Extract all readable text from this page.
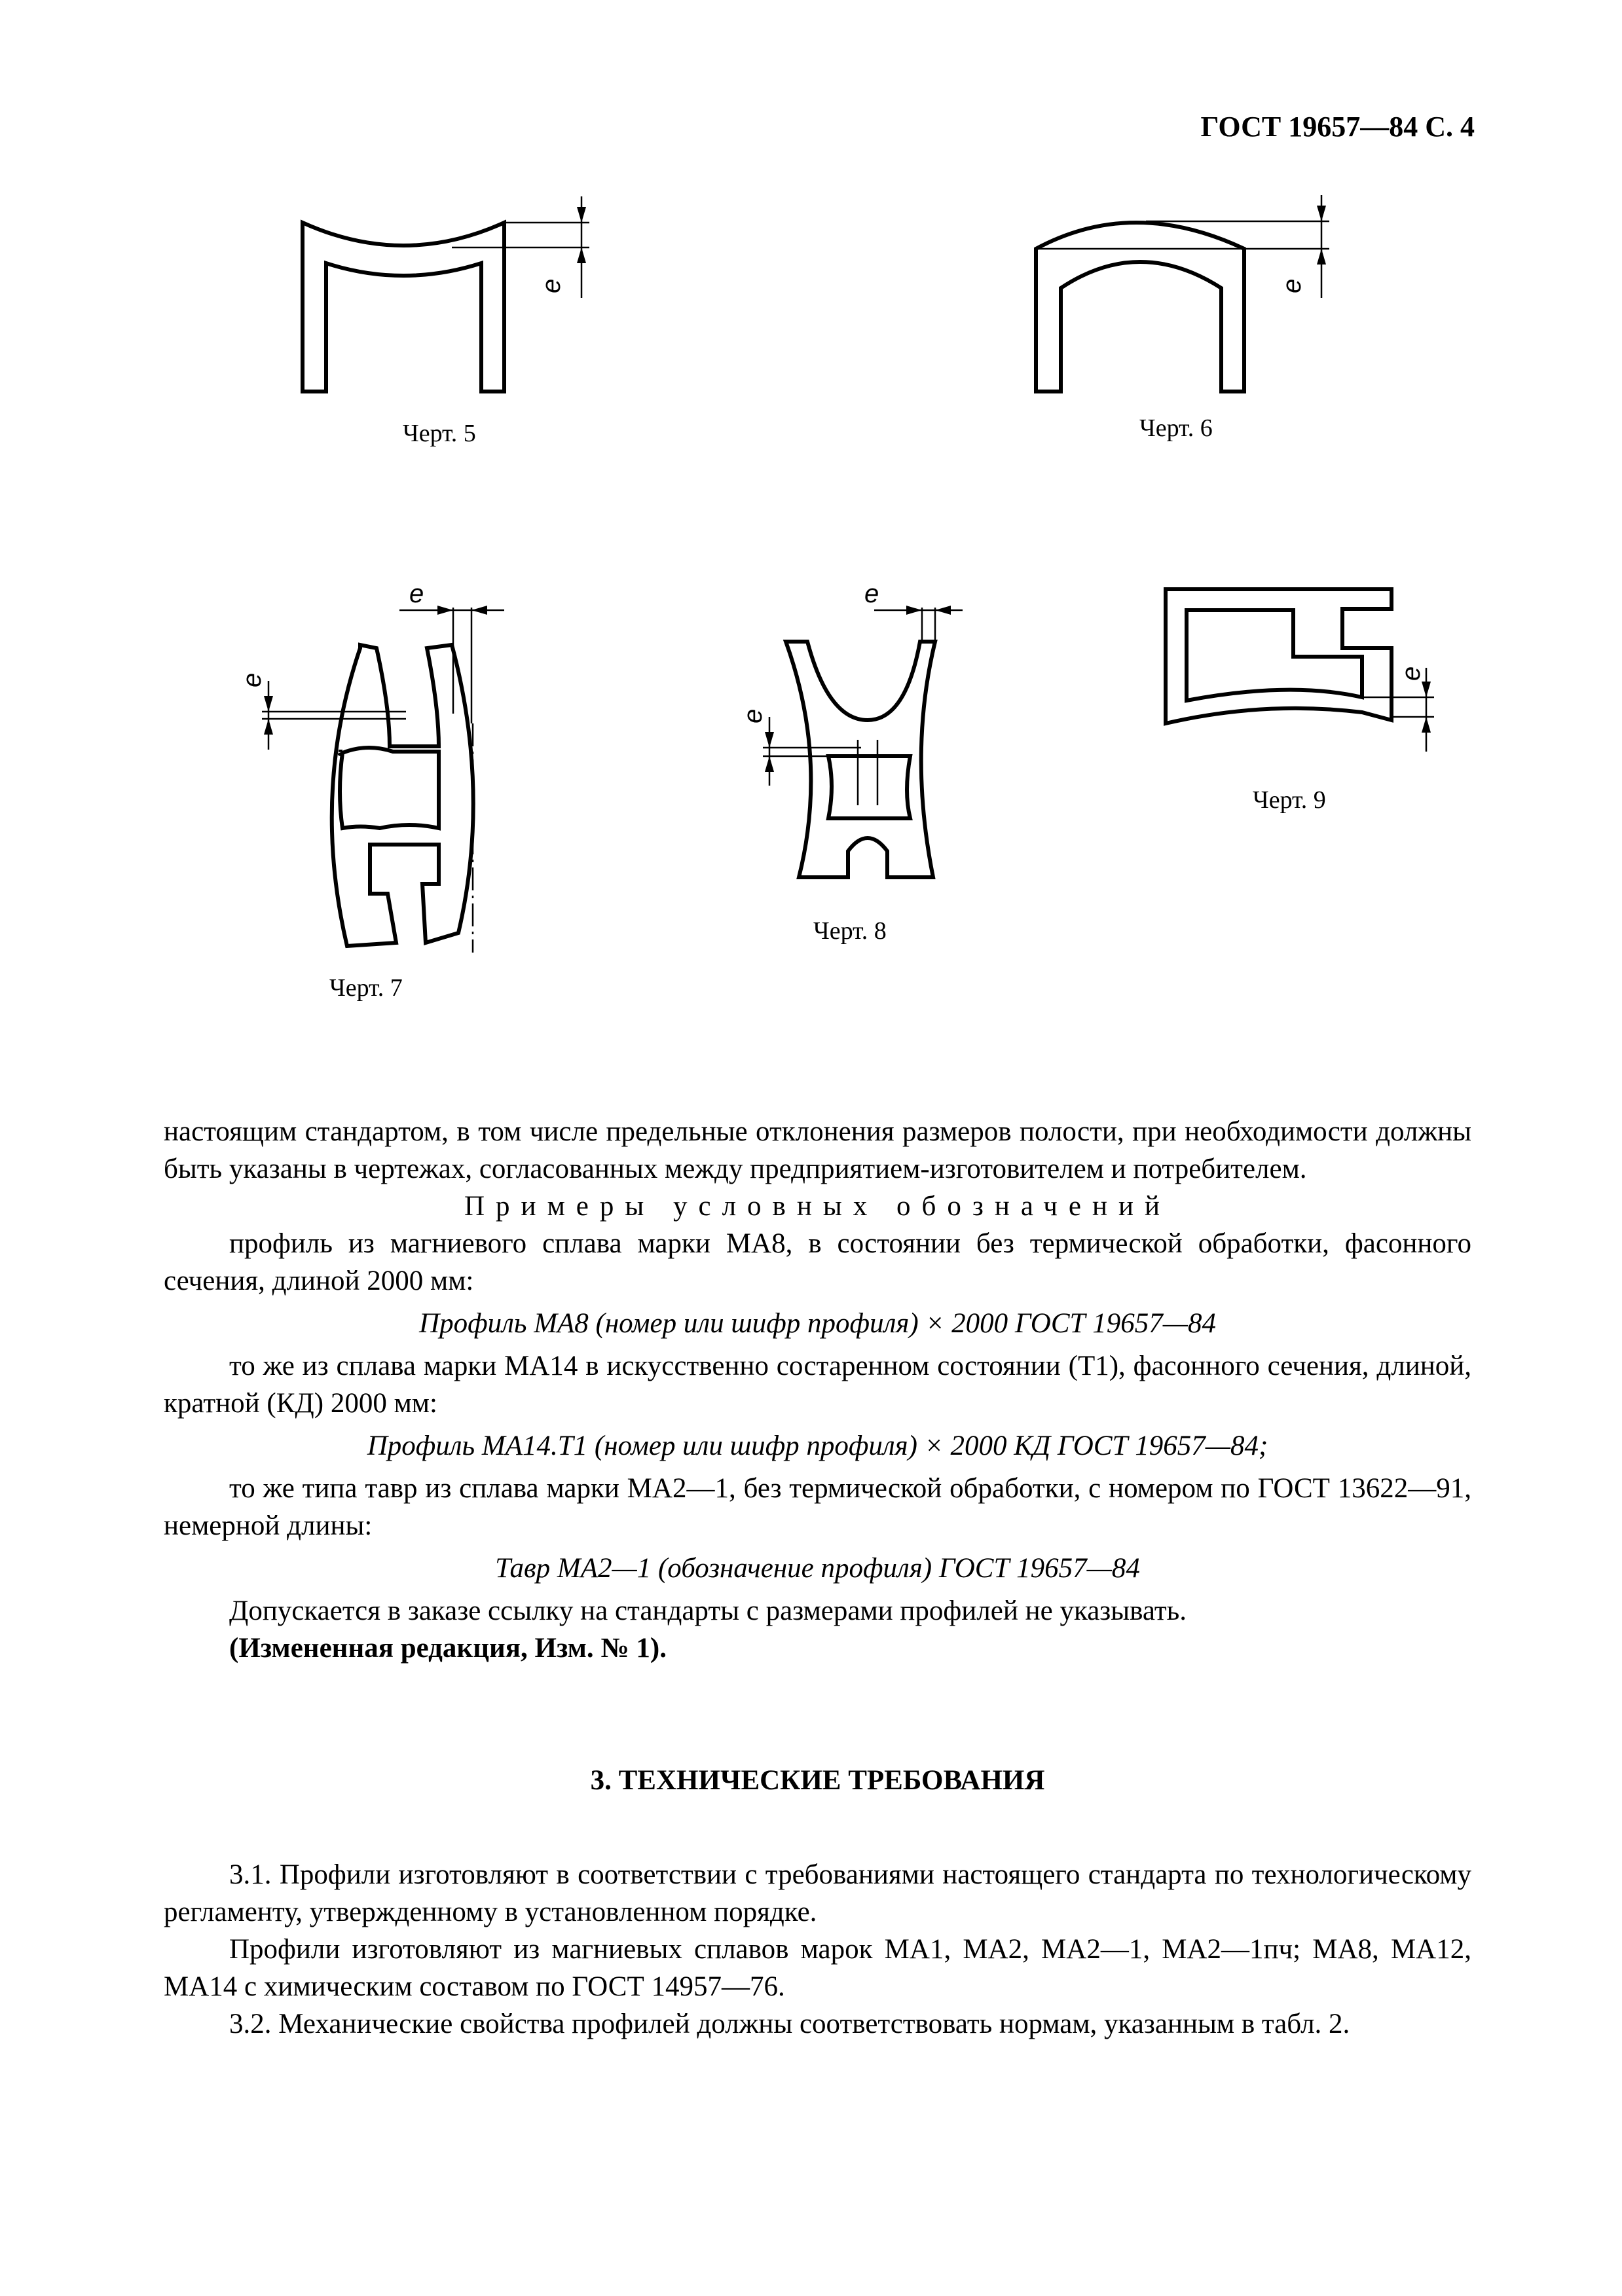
ГОСТ 19657—84 С. 4
e
Черт. 5
e
Черт. 6
e
e
Черт. 7
e
e
Черт. 8
e
Черт. 9

настоящим стандартом, в том числе предельные отклонения размеров полости, при необходимости должны быть указаны в чертежах, согласованных между предприятием-изготовителем и потребителем.

Примеры условных обозначений

профиль из магниевого сплава марки МА8, в состоянии без термической обработки, фасонного сечения, длиной 2000 мм:

Профиль МА8 (номер или шифр профиля) × 2000 ГОСТ 19657—84

то же из сплава марки МА14 в искусственно состаренном состоянии (Т1), фасонного сечения, длиной, кратной (КД) 2000 мм:

Профиль МА14.Т1 (номер или шифр профиля) × 2000 КД ГОСТ 19657—84;

то же типа тавр из сплава марки МА2—1, без термической обработки, с номером по ГОСТ 13622—91, немерной длины:

Тавр МА2—1 (обозначение профиля) ГОСТ 19657—84

Допускается в заказе ссылку на стандарты с размерами профилей не указывать.

(Измененная редакция, Изм. № 1).

3. ТЕХНИЧЕСКИЕ ТРЕБОВАНИЯ

3.1. Профили изготовляют в соответствии с требованиями настоящего стандарта по технологическому регламенту, утвержденному в установленном порядке.

Профили изготовляют из магниевых сплавов марок МА1, МА2, МА2—1, МА2—1пч; МА8, МА12, МА14 с химическим составом по ГОСТ 14957—76.

3.2. Механические свойства профилей должны соответствовать нормам, указанным в табл. 2.
